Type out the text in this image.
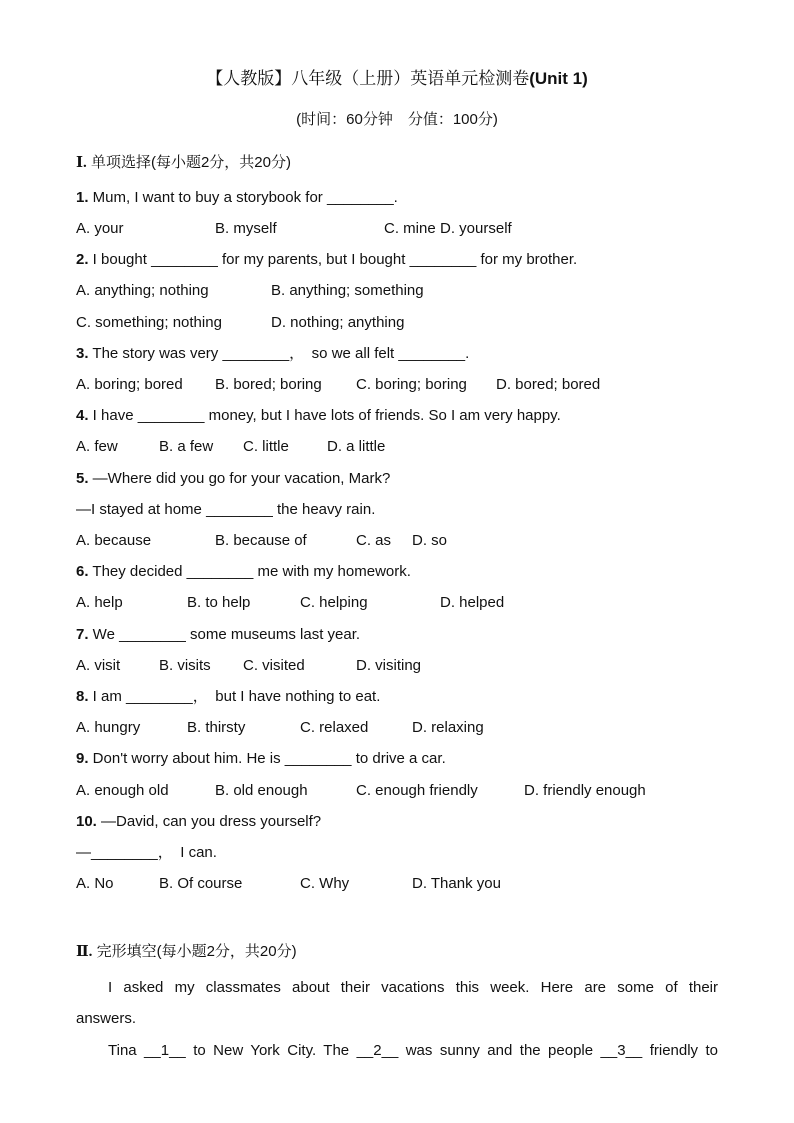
【人教版】八年级（上册）英语单元检测卷(Unit 1)
(时间：60分钟　分值：100分)
Ⅰ. 单项选择(每小题2分，共20分)
1. Mum, I want to buy a storybook for ________.
A. your	B. myself	C. mine D. yourself
2. I bought ________ for my parents, but I bought ________ for my brother.
A. anything; nothing	B. anything; something
C. something; nothing	D. nothing; anything
3. The story was very ________，　so we all felt ________.
A. boring; bored B. bored; boring C. boring; boring D. bored; bored
4. I have ________ money, but I have lots of friends. So I am very happy.
A. few	B. a few C. little	D. a little
5. —Where did you go for your vacation, Mark?
—I stayed at home ________ the heavy rain.
A. because	B. because of	C. as D. so
6. They decided ________ me with my homework.
A. help	B. to help	C. helping	D. helped
7. We ________ some museums last year.
A. visit	B. visits C. visited	D. visiting
8. I am ________，　but I have nothing to eat.
A. hungry	B. thirsty	C. relaxed	D. relaxing
9. Don't worry about him. He is ________ to drive a car.
A. enough old	B. old enough	C. enough friendly	D. friendly enough
10. —David, can you dress yourself?
—________，　I can.
A. No	B. Of course	C. Why	D. Thank you
Ⅱ. 完形填空(每小题2分，共20分)
I asked my classmates about their vacations this week. Here are some of their
answers.
Tina __1__ to New York City. The __2__ was sunny and the people __3__ friendly to
